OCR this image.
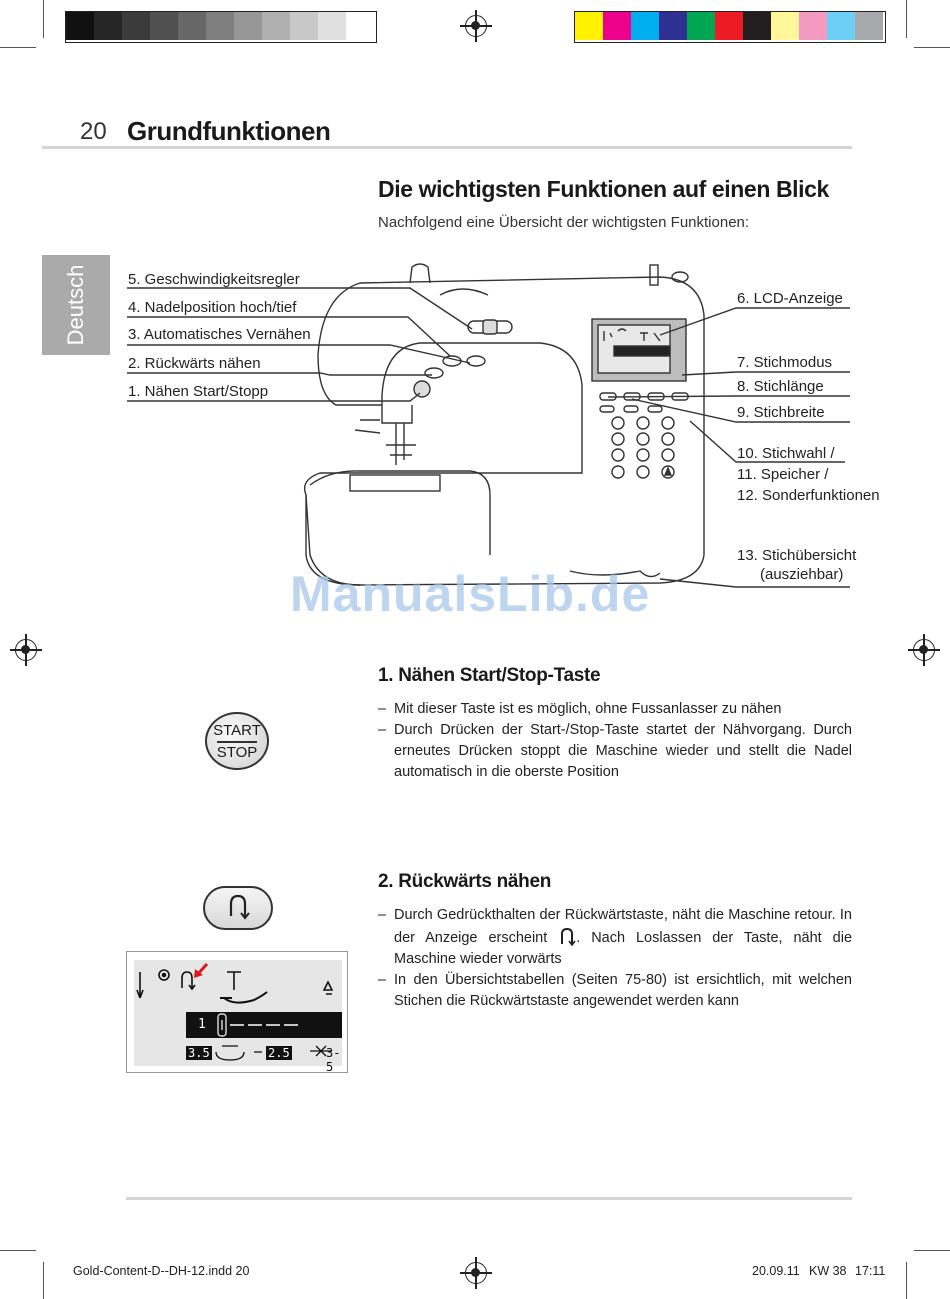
20 Grundfunktionen
Deutsch
Die wichtigsten Funktionen auf einen Blick
Nachfolgend eine Übersicht der wichtigsten Funktionen:
5. Geschwindigkeitsregler
4. Nadelposition hoch/tief
3. Automatisches Vernähen
2. Rückwärts nähen
1. Nähen Start/Stopp
6. LCD-Anzeige
7. Stichmodus
8. Stichlänge
9. Stichbreite
10. Stichwahl /
11. Speicher /
12. Sonderfunktionen
13. Stichübersicht
(ausziehbar)
ManualsLib.de
START
STOP
1. Nähen Start/Stop-Taste
– Mit dieser Taste ist es möglich, ohne Fussanlasser zu nähen
– Durch Drücken der Start-/Stop-Taste startet der Nähvorgang. Durch erneutes Drücken stoppt die Maschine wieder und stellt die Nadel automatisch in die oberste Position
1
3.5	2.5	3-5
2. Rückwärts nähen
– Durch Gedrückthalten der Rückwärtstaste, näht die Maschine retour. In der Anzeige erscheint . Nach Loslassen der Taste, näht die Maschine wieder vorwärts
– In den Übersichtstabellen (Seiten 75-80) ist ersichtlich, mit welchen Stichen die Rückwärtstaste angewendet werden kann
Gold-Content-D--DH-12.indd 20	20.09.11 KW 38 17:11
